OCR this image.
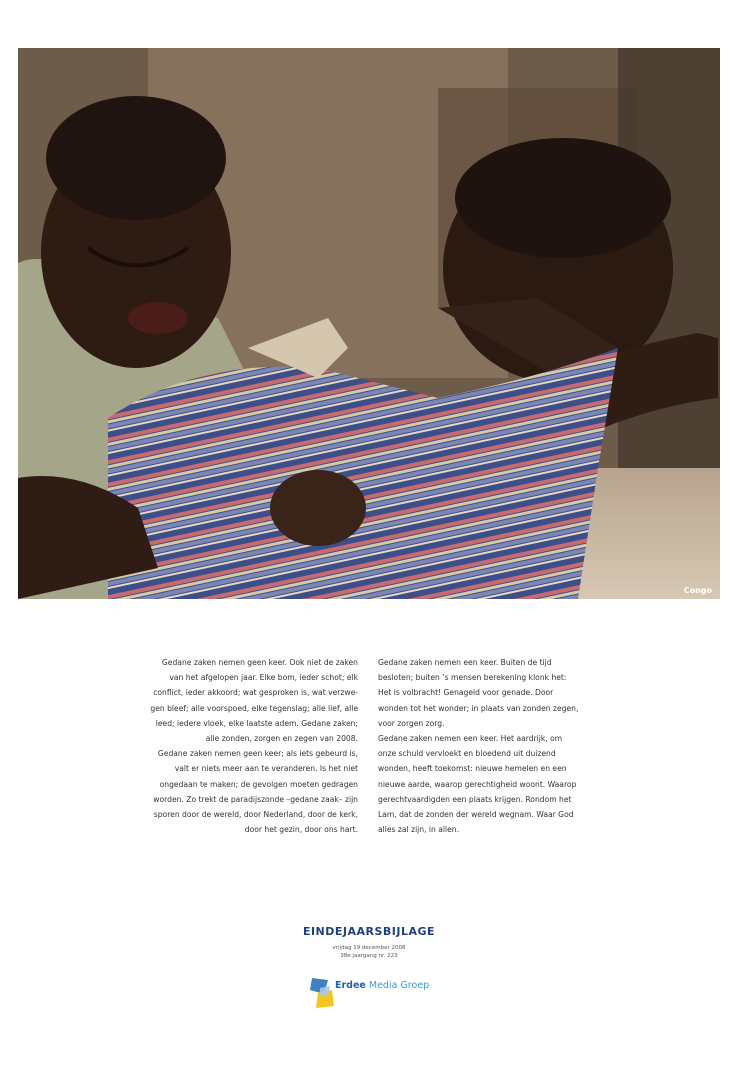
Congo
Gedane zaken nemen geen keer. Ook niet de zaken
van het afgelopen jaar. Elke bom, ieder schot; elk
conflict, ieder akkoord; wat gesproken is, wat verzwe-
gen bleef; alle voorspoed, elke tegenslag; alle lief, alle
leed; iedere vloek, elke laatste adem. Gedane zaken;
alle zonden, zorgen en zegen van 2008.
Gedane zaken nemen geen keer; als iets gebeurd is,
valt er niets meer aan te veranderen. Is het niet
ongedaan te maken; de gevolgen moeten gedragen
worden. Zo trekt de paradijszonde –gedane zaak– zijn
sporen door de wereld, door Nederland, door de kerk,
door het gezin, door ons hart.
Gedane zaken nemen een keer. Buiten de tijd
besloten; buiten ’s mensen berekening klonk het:
Het is volbracht! Genageld voor genade. Door
wonden tot het wonder; in plaats van zonden zegen,
voor zorgen zorg.
Gedane zaken nemen een keer. Het aardrijk, om
onze schuld vervloekt en bloedend uit duizend
wonden, heeft toekomst: nieuwe hemelen en een
nieuwe aarde, waarop gerechtigheid woont. Waarop
gerechtvaardigden een plaats krijgen. Rondom het
Lam, dat de zonden der wereld wegnam. Waar God
alles zal zijn, in allen.
EINDEJAARSBIJLAGE
vrijdag 19 december 2008
38e jaargang nr. 223
Erdee Media Groep
